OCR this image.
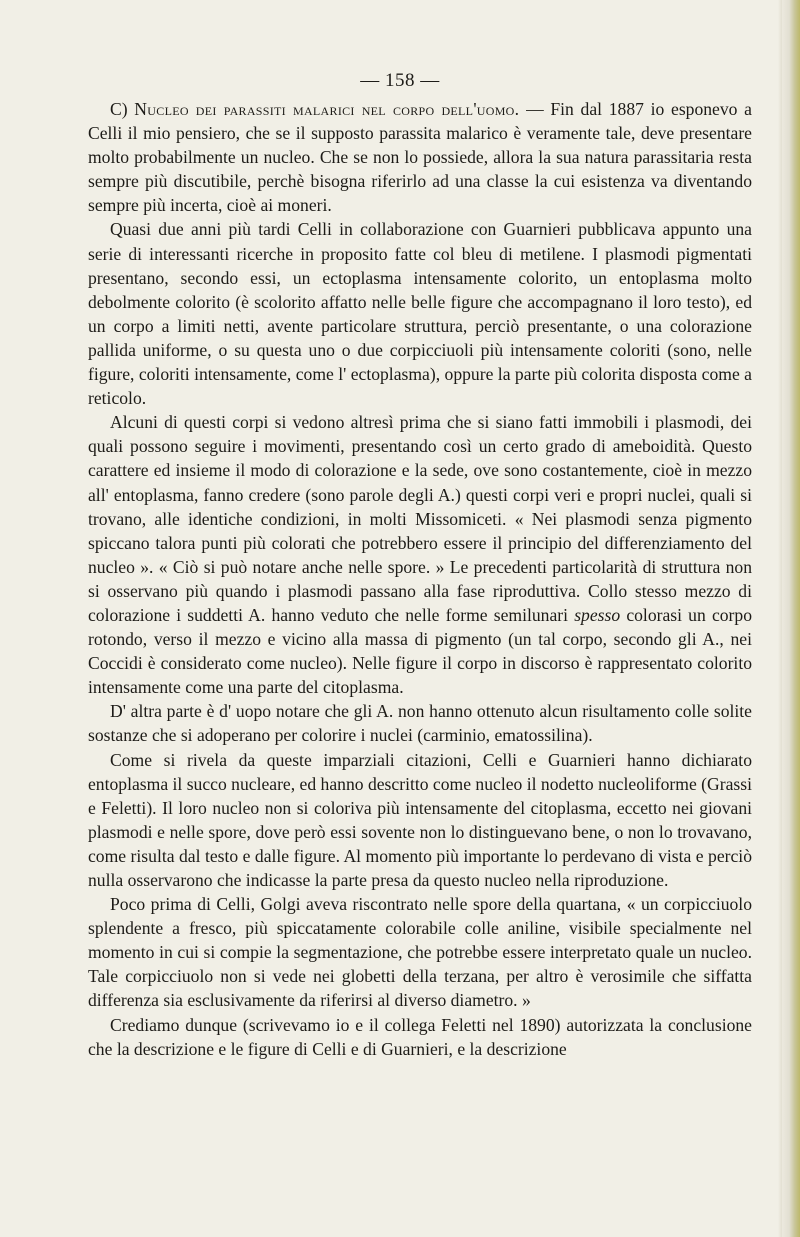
— 158 —

C) Nucleo dei parassiti malarici nel corpo dell'uomo. — Fin dal 1887 io esponevo a Celli il mio pensiero, che se il supposto parassita malarico è veramente tale, deve presentare molto probabilmente un nucleo. Che se non lo possiede, allora la sua natura parassitaria resta sempre più discutibile, perchè bisogna riferirlo ad una classe la cui esistenza va diventando sempre più incerta, cioè ai moneri.

Quasi due anni più tardi Celli in collaborazione con Guarnieri pubblicava appunto una serie di interessanti ricerche in proposito fatte col bleu di metilene. I plasmodi pigmentati presentano, secondo essi, un ectoplasma intensamente colorito, un entoplasma molto debolmente colorito (è scolorito affatto nelle belle figure che accompagnano il loro testo), ed un corpo a limiti netti, avente particolare struttura, perciò presentante, o una colorazione pallida uniforme, o su questa uno o due corpicciuoli più intensamente coloriti (sono, nelle figure, coloriti intensamente, come l' ectoplasma), oppure la parte più colorita disposta come a reticolo.

Alcuni di questi corpi si vedono altresì prima che si siano fatti immobili i plasmodi, dei quali possono seguire i movimenti, presentando così un certo grado di ameboidità. Questo carattere ed insieme il modo di colorazione e la sede, ove sono costantemente, cioè in mezzo all' entoplasma, fanno credere (sono parole degli A.) questi corpi veri e propri nuclei, quali si trovano, alle identiche condizioni, in molti Missomiceti. « Nei plasmodi senza pigmento spiccano talora punti più colorati che potrebbero essere il principio del differenziamento del nucleo ». « Ciò si può notare anche nelle spore. » Le precedenti particolarità di struttura non si osservano più quando i plasmodi passano alla fase riproduttiva. Collo stesso mezzo di colorazione i suddetti A. hanno veduto che nelle forme semilunari spesso colorasi un corpo rotondo, verso il mezzo e vicino alla massa di pigmento (un tal corpo, secondo gli A., nei Coccidi è considerato come nucleo). Nelle figure il corpo in discorso è rappresentato colorito intensamente come una parte del citoplasma.

D' altra parte è d' uopo notare che gli A. non hanno ottenuto alcun risultamento colle solite sostanze che si adoperano per colorire i nuclei (carminio, ematossilina).

Come si rivela da queste imparziali citazioni, Celli e Guarnieri hanno dichiarato entoplasma il succo nucleare, ed hanno descritto come nucleo il nodetto nucleoliforme (Grassi e Feletti). Il loro nucleo non si coloriva più intensamente del citoplasma, eccetto nei giovani plasmodi e nelle spore, dove però essi sovente non lo distinguevano bene, o non lo trovavano, come risulta dal testo e dalle figure. Al momento più importante lo perdevano di vista e perciò nulla osservarono che indicasse la parte presa da questo nucleo nella riproduzione.

Poco prima di Celli, Golgi aveva riscontrato nelle spore della quartana, « un corpicciuolo splendente a fresco, più spiccatamente colorabile colle aniline, visibile specialmente nel momento in cui si compie la segmentazione, che potrebbe essere interpretato quale un nucleo. Tale corpicciuolo non si vede nei globetti della terzana, per altro è verosimile che siffatta differenza sia esclusivamente da riferirsi al diverso diametro. »

Crediamo dunque (scrivevamo io e il collega Feletti nel 1890) autorizzata la conclusione che la descrizione e le figure di Celli e di Guarnieri, e la descrizione
